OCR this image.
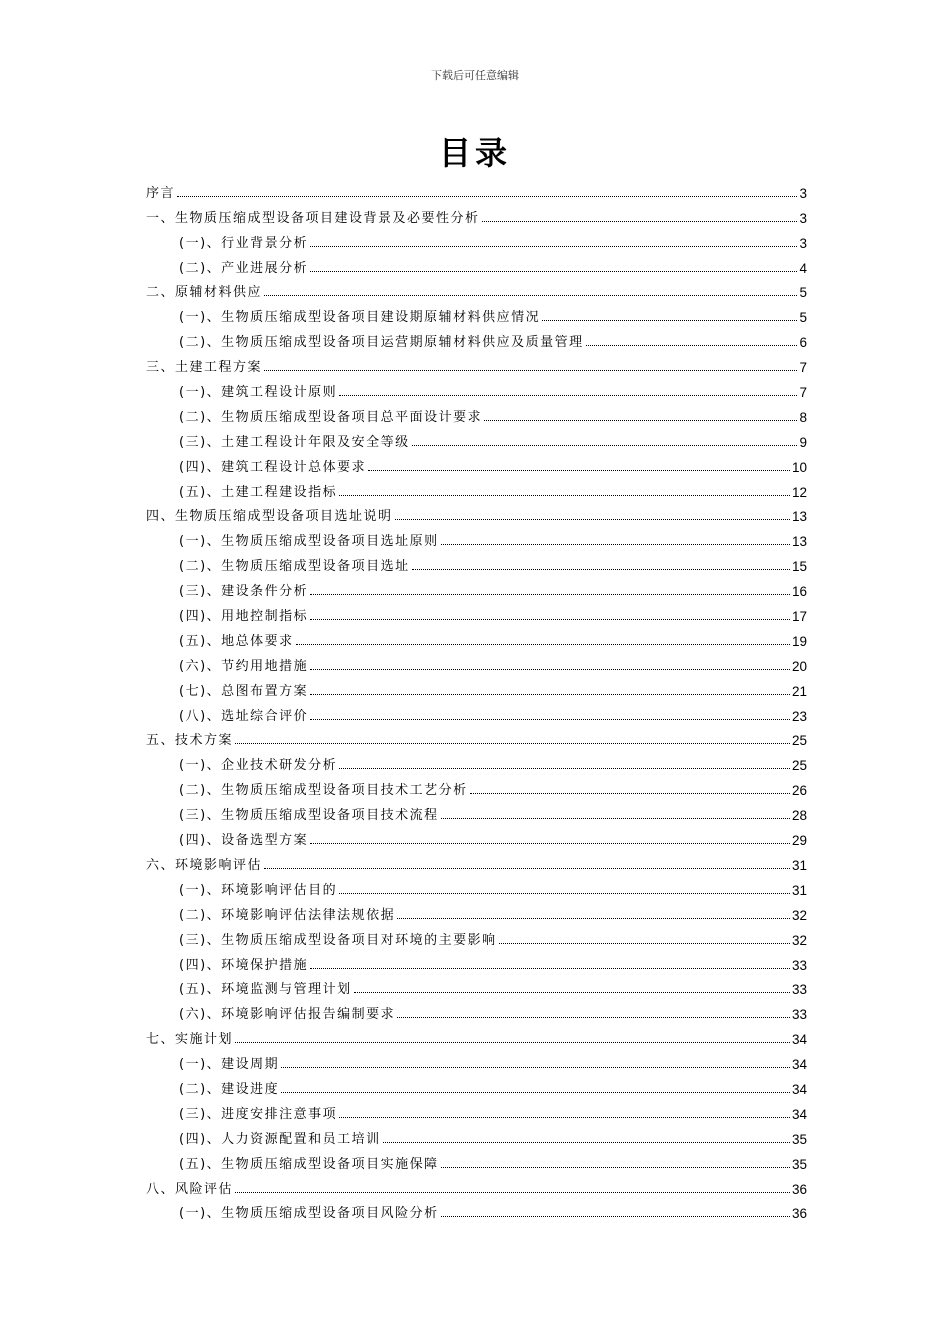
下载后可任意编辑
目录
序言	3
一、生物质压缩成型设备项目建设背景及必要性分析	3
(一)、行业背景分析	3
(二)、产业进展分析	4
二、原辅材料供应	5
(一)、生物质压缩成型设备项目建设期原辅材料供应情况	5
(二)、生物质压缩成型设备项目运营期原辅材料供应及质量管理	6
三、土建工程方案	7
(一)、建筑工程设计原则	7
(二)、生物质压缩成型设备项目总平面设计要求	8
(三)、土建工程设计年限及安全等级	9
(四)、建筑工程设计总体要求	10
(五)、土建工程建设指标	12
四、生物质压缩成型设备项目选址说明	13
(一)、生物质压缩成型设备项目选址原则	13
(二)、生物质压缩成型设备项目选址	15
(三)、建设条件分析	16
(四)、用地控制指标	17
(五)、地总体要求	19
(六)、节约用地措施	20
(七)、总图布置方案	21
(八)、选址综合评价	23
五、技术方案	25
(一)、企业技术研发分析	25
(二)、生物质压缩成型设备项目技术工艺分析	26
(三)、生物质压缩成型设备项目技术流程	28
(四)、设备选型方案	29
六、环境影响评估	31
(一)、环境影响评估目的	31
(二)、环境影响评估法律法规依据	32
(三)、生物质压缩成型设备项目对环境的主要影响	32
(四)、环境保护措施	33
(五)、环境监测与管理计划	33
(六)、环境影响评估报告编制要求	33
七、实施计划	34
(一)、建设周期	34
(二)、建设进度	34
(三)、进度安排注意事项	34
(四)、人力资源配置和员工培训	35
(五)、生物质压缩成型设备项目实施保障	35
八、风险评估	36
(一)、生物质压缩成型设备项目风险分析	36
